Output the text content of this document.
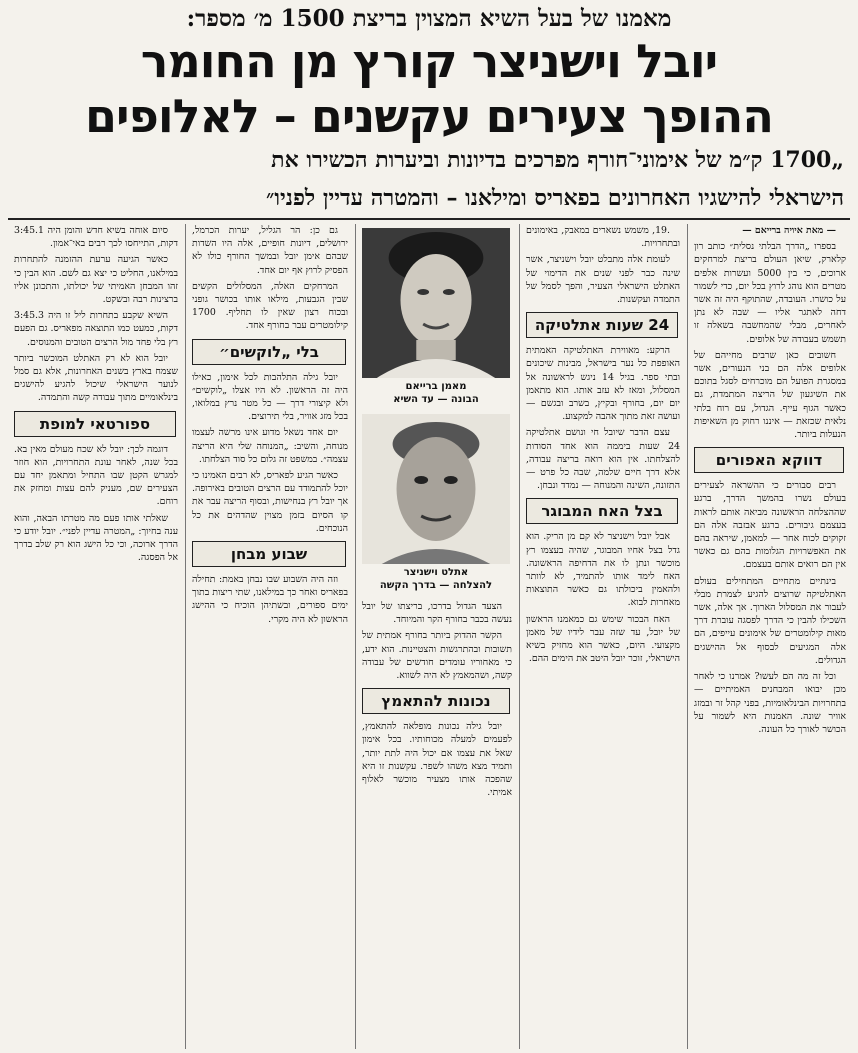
מאמנו של בעל השיא המצוין בריצת 1500 מ׳ מספר:
יובל וישניצר קורץ מן החומר
ההופך צעירים עקשנים – לאלופים
„1700 ק״מ של אימוני־חורף מפרכים בדיונות וביערות הכשירו את
הישראלי להישגיו האחרונים בפאריס ומילאנו – והמטרה עדיין לפניו״

— מאת איויה ברייאם —

בספרו „הדרך הבלתי נסלית״ כותב רון קלארק, שיאן העולם בריצת למרחקים ארוכים, כי בין 5000 ועשרות אלפים מטרים הוא נוהג לרוץ בכל יום, כדי לשמור על כושרו. העובדה, שהתוקף היה זה אשר דחה לאתגר אליו — שבה לא נתן לאחרים, מבלי שהמחשבה בשאלה זו תשמש בעבודה של אלופים.

חשובים כאן שרבים מחייהם של אלופים אלה הם בני הנעורים, אשר במסגרת הפועל הם מוכרחים לסגל בתוכם את השיגעון של הריצה המתמדת, גם כאשר הגוף עייף. הגדול, עם רוח בלתי נלאית שכזאת — איננו רחוק מן השאיפות הנעלות ביותר.

דווקא האפורים

רבים סבורים כי ההשראה לצעירים בעולם נשרו בהמשך הדרך, ברגע שההצלחה הראשונה מביאה אותם לראות בעצמם גיבורים. ברגע אבזבה אלה הם זקוקים לכוח אחר — למאמן, שיראה בהם את האפשרויות הגלומות בהם גם כאשר אין הם רואים אותם בעצמם.

בינתיים מתחיים המתחילים בעולם האתלטיקה שרוצים להגיע לצמרת מבלי לעבור את המסלול הארוך. אך אלה, אשר השכילו להבין כי הדרך לפסגה עוברת דרך מאות קילומטרים של אימונים עייפים, הם אלה המגיעים לבסוף אל ההישגים הגדולים.

וכל זה מה הם לעשו? אמרנו כי לאחר מכן יבואו המבחנים האמיתיים — בתחרויות הבינלאומיות, בפני קהל זר ובמזג אוויר שונה. האמנות היא לשמור על הכושר לאורך כל העונה.

.19, משמש נשארים במאבק, באימונים ובתחרויות.

לעומת אלה מתבלט יובל וישניצר, אשר שינה כבר לפני שנים את הדימוי של האתלט הישראלי הצעיר, והפך לסמל של התמדה ועקשנות.

24 שעות אתלטיקה

הרקע: מאווירת האתלטיקה האמתית האופפת כל נער בישראל, מבינות שיכונים ובתי ספר. בגיל 14 ניגש לראשונה אל המסלול, ומאז לא עזב אותו. הוא מתאמן יום יום, בחורף ובקיץ, בשרב ובגשם — ועושה זאת מתוך אהבה למקצוע.

עצם הדבר שיובל חי ונושם אתלטיקה 24 שעות ביממה הוא אחד הסודות להצלחתו. אין הוא רואה בריצה עבודה, אלא דרך חיים שלמה, שבה כל פרט — התזונה, השינה והמנוחה — נמדד ונבחן.

בצל האח המבוגר

אבל יובל וישניצר לא קם מן הריק. הוא גדל בצל אחיו המבוגר, שהיה בעצמו רץ מוכשר ונתן לו את הדחיפה הראשונה. האח לימד אותו להתמיד, לא לוותר ולהאמין ביכולתו גם כאשר התוצאות מאחרות לבוא.

האח הבכור שימש גם כמאמנו הראשון של יובל, עד שזה עבר לידיו של מאמן מקצועי. היום, כאשר הוא מחזיק בשיא הישראלי, זוכר יובל היטב את הימים ההם.

מאמן ברייאם
הבונה — עד השיא
אתלט וישניצר
להצלחה — בדרך הקשה

הצעד הגדול בדרכו, בריצתו של יובל נעשה בכבר בחורף הקר והמיוחד.

הקשר ההדוק ביותר בחורף אמתית של תשובות ובהתרגשות והצטיינות. הוא ידע, כי מאחוריו עומדים חודשים של עבודה קשה, ושהמאמץ לא היה לשווא.

נכונות להתאמץ

יובל גילה נכונות מופלאה להתאמץ, לפעמים למעלה מכוחותיו. בכל אימון שאל את עצמו אם יכול היה לתת יותר, ותמיד מצא משהו לשפר. עקשנות זו היא שהפכה אותו מצעיר מוכשר לאלוף אמיתי.

גם כן: הר הגליל, יערות הכרמל, ירושלים, דיונות חופיים, אלה היו השדות שבהם אימן יובל ובמשך החורף כולו לא הפסיק לרוץ אף יום אחד.

המרחקים האלה, המסלולים הקשים שבין הגבעות, מילאו אותו בכושר גופני ובכוח רצון שאין לו תחליף. 1700 קילומטרים עבר בחורף אחד.

בלי „לוקשים״

יובל גילה התלהבות לכל אימון, כאילו היה זה הראשון. לא היו אצלו „לוקשים״ ולא קיצורי דרך — כל מטר נרץ במלואו, בכל מזג אוויר, בלי תירוצים.

יום אחד נשאל מדוע אינו מרשה לעצמו מנוחה, והשיב: „המנוחה שלי היא הריצה עצמה״. במשפט זה גלום כל סוד הצלחתו.

כאשר הגיע לפאריס, לא רבים האמינו כי יוכל להתמודד עם הרצים הטובים באירופה. אך יובל רץ בנחישות, ובסוף הריצה עבר את קו הסיום בזמן מצוין שהדהים את כל הנוכחים.

שבוע מבחן

וזה היה השבוע שבו נבחן באמת: תחילה בפאריס ואחר כך במילאנו, שתי ריצות בתוך ימים ספורים, ובשתיהן הוכיח כי ההישג הראשון לא היה מקרי.

סיום אוחה בשיא חדש והומן היה 3:45.1 דקות, התייחסו לכך רבים באי־אמון.

כאשר הגיעה ערעת ההזמנה להתחרות במילאנו, החליט כי יצא גם לשם. הוא הבין כי זהו המבחן האמיתי של יכולתו, והתכונן אליו ברצינות רבה ובשקט.

השיא שקבע בתחרות ליל זו היה 3:45.3 דקות, כמעט כמו התוצאה מפאריס. גם הפעם רץ בלי פחד מול הרצים הטובים והמנוסים.

יובל הוא לא רק האתלט המוכשר ביותר שצמח בארץ בשנים האחרונות, אלא גם סמל לנוער הישראלי שיכול להגיע להישגים בינלאומיים מתוך עבודה קשה והתמדה.

ספורטאי למופת

דוגמה לכך: יובל לא שכח מעולם מאין בא. בכל שנה, לאחר עונת התחרויות, הוא חוזר למגרש הקטן שבו התחיל ומתאמן יחד עם הצעירים שם, מעניק להם עצות ומחזק את רוחם.

שאלתי אותו פעם מה מטרתו הבאה, והוא ענה בחיוך: „המטרה עדיין לפני״. יובל יודע כי הדרך ארוכה, וכי כל הישג הוא רק שלב בדרך אל הפסגה.
